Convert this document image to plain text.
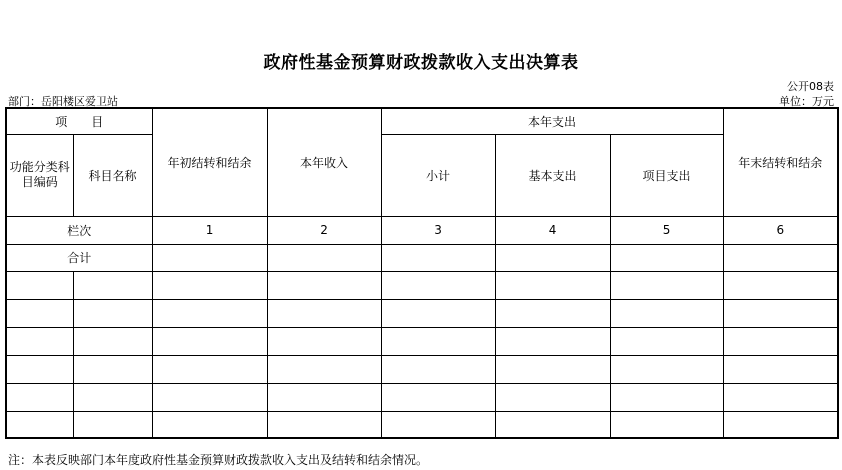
政府性基金预算财政拨款收入支出决算表
公开08表
部门：岳阳楼区爱卫站	单位：万元
项　　目		年初结转和结余	本年收入	本年支出			年末结转和结余
功能分类科目编码	科目名称			小计	基本支出	项目支出	
栏次		1	2	3	4	5	6
合计							

注：本表反映部门本年度政府性基金预算财政拨款收入支出及结转和结余情况。
